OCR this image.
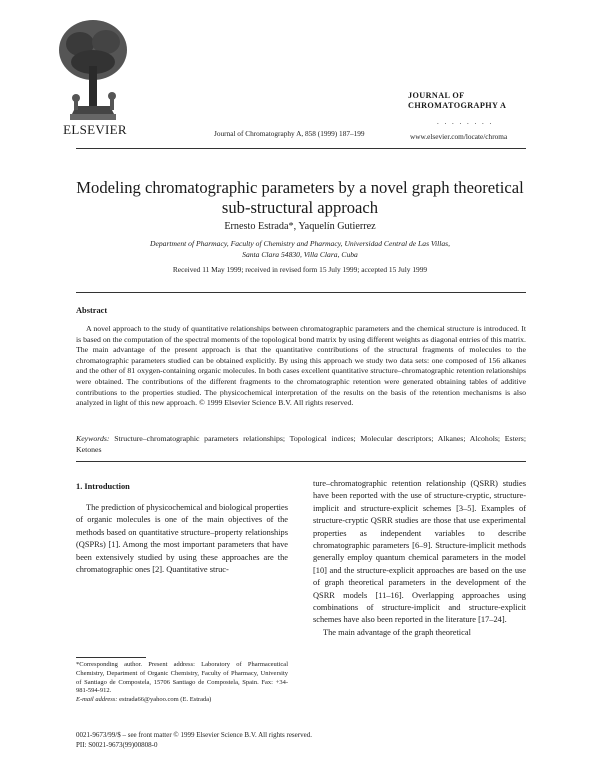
ELSEVIER	Journal of Chromatography A, 858 (1999) 187–199
JOURNAL OF
CHROMATOGRAPHY A
. . . . . . . .
www.elsevier.com/locate/chroma
Modeling chromatographic parameters by a novel graph theoretical sub-structural approach
Ernesto Estrada*, Yaquelín Gutierrez
Department of Pharmacy, Faculty of Chemistry and Pharmacy, Universidad Central de Las Villas,
Santa Clara 54830, Villa Clara, Cuba
Received 11 May 1999; received in revised form 15 July 1999; accepted 15 July 1999
Abstract
A novel approach to the study of quantitative relationships between chromatographic parameters and the chemical structure is introduced. It is based on the computation of the spectral moments of the topological bond matrix by using different weights as diagonal entries of this matrix. The main advantage of the present approach is that the quantitative contributions of the structural fragments of molecules to the chromatographic parameters studied can be obtained explicitly. By using this approach we study two data sets: one composed of 156 alkanes and the other of 81 oxygen-containing organic molecules. In both cases excellent quantitative structure–chromatographic retention relationships were obtained. The contributions of the different fragments to the chromatographic retention were generated obtaining tables of additive contributions to the properties studied. The physicochemical interpretation of the results on the basis of the retention mechanisms is also analyzed in light of this new approach. © 1999 Elsevier Science B.V. All rights reserved.
Keywords: Structure–chromatographic parameters relationships; Topological indices; Molecular descriptors; Alkanes; Alcohols; Esters; Ketones
1. Introduction
The prediction of physicochemical and biological properties of organic molecules is one of the main objectives of the methods based on quantitative structure–property relationships (QSPRs) [1]. Among the most important parameters that have been extensively studied by using these approaches are the chromatographic ones [2]. Quantitative struc-
ture–chromatographic retention relationship (QSRR) studies have been reported with the use of structure-cryptic, structure-implicit and structure-explicit schemes [3–5]. Examples of structure-cryptic QSRR studies are those that use experimental properties as independent variables to describe chromatographic parameters [6–9]. Structure-implicit methods generally employ quantum chemical parameters in the model [10] and the structure-explicit approaches are based on the use of graph theoretical parameters in the development of the QSRR models [11–16]. Overlapping approaches using combinations of structure-implicit and structure-explicit schemes have also been reported in the literature [17–24].
The main advantage of the graph theoretical
*Corresponding author. Present address: Laboratory of Pharmaceutical Chemistry, Department of Organic Chemistry, Faculty of Pharmacy, University of Santiago de Compostela, 15706 Santiago de Compostela, Spain. Fax: +34-981-594-912.
E-mail address: estrada66@yahoo.com (E. Estrada)
0021-9673/99/$ – see front matter © 1999 Elsevier Science B.V. All rights reserved.
PII: S0021-9673(99)00808-0
